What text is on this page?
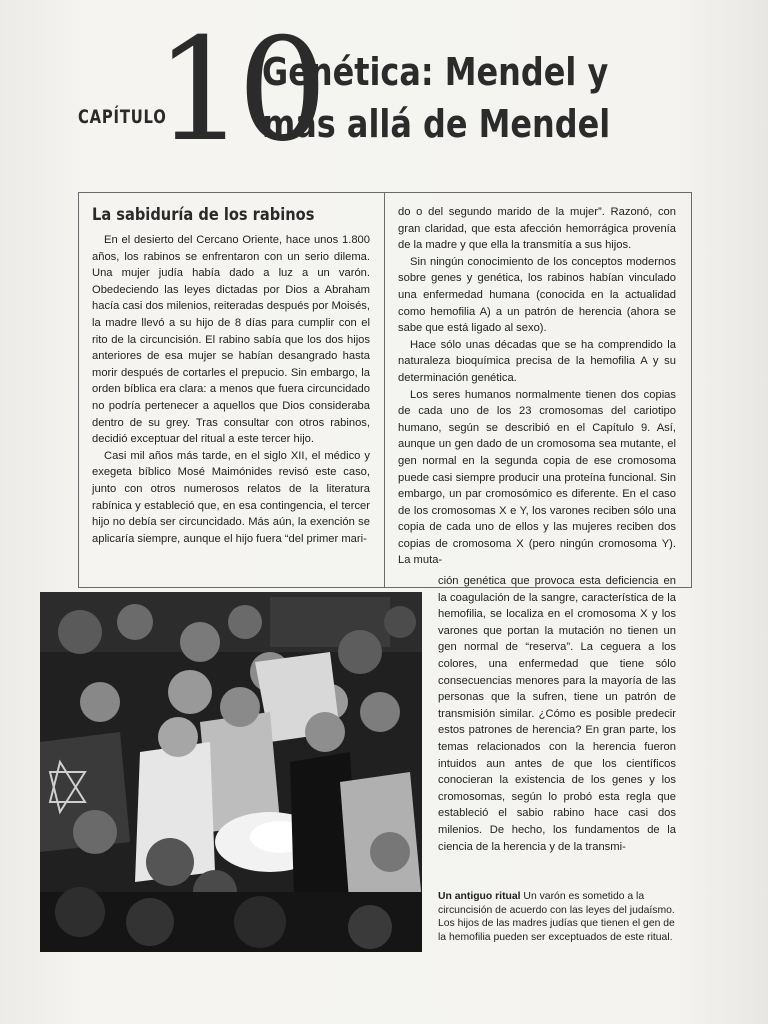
CAPÍTULO
10
Genética: Mendel y más allá de Mendel
La sabiduría de los rabinos

En el desierto del Cercano Oriente, hace unos 1.800 años, los rabinos se enfrentaron con un serio dilema. Una mujer judía había dado a luz a un varón. Obedeciendo las leyes dictadas por Dios a Abraham hacía casi dos milenios, reiteradas después por Moisés, la madre llevó a su hijo de 8 días para cumplir con el rito de la circuncisión. El rabino sabía que los dos hijos anteriores de esa mujer se habían desangrado hasta morir después de cortarles el prepucio. Sin embargo, la orden bíblica era clara: a menos que fuera circuncidado no podría pertenecer a aquellos que Dios consideraba dentro de su grey. Tras consultar con otros rabinos, decidió exceptuar del ritual a este tercer hijo.

Casi mil años más tarde, en el siglo XII, el médico y exegeta bíblico Mosé Maimónides revisó este caso, junto con otros numerosos relatos de la literatura rabínica y estableció que, en esa contingencia, el tercer hijo no debía ser circuncidado. Más aún, la exención se aplicaría siempre, aunque el hijo fuera “del primer mari-

do o del segundo marido de la mujer”. Razonó, con gran claridad, que esta afección hemorrágica provenía de la madre y que ella la transmitía a sus hijos.

Sin ningún conocimiento de los conceptos modernos sobre genes y genética, los rabinos habían vinculado una enfermedad humana (conocida en la actualidad como hemofilia A) a un patrón de herencia (ahora se sabe que está ligado al sexo).

Hace sólo unas décadas que se ha comprendido la naturaleza bioquímica precisa de la hemofilia A y su determinación genética.

Los seres humanos normalmente tienen dos copias de cada uno de los 23 cromosomas del cariotipo humano, según se describió en el Capítulo 9. Así, aunque un gen dado de un cromosoma sea mutante, el gen normal en la segunda copia de ese cromosoma puede casi siempre producir una proteína funcional. Sin embargo, un par cromosómico es diferente. En el caso de los cromosomas X e Y, los varones reciben sólo una copia de cada uno de ellos y las mujeres reciben dos copias de cromosoma X (pero ningún cromosoma Y). La muta-

ción genética que provoca esta deficiencia en la coagulación de la sangre, característica de la hemofilia, se localiza en el cromosoma X y los varones que portan la mutación no tienen un gen normal de “reserva”. La ceguera a los colores, una enfermedad que tiene sólo consecuencias menores para la mayoría de las personas que la sufren, tiene un patrón de transmisión similar. ¿Cómo es posible predecir estos patrones de herencia? En gran parte, los temas relacionados con la herencia fueron intuidos aun antes de que los científicos conocieran la existencia de los genes y los cromosomas, según lo probó esta regla que estableció el sabio rabino hace casi dos milenios. De hecho, los fundamentos de la ciencia de la herencia y de la transmi-

Un antiguo ritual Un varón es sometido a la circuncisión de acuerdo con las leyes del judaísmo. Los hijos de las madres judías que tienen el gen de la hemofilia pueden ser exceptuados de este ritual.
